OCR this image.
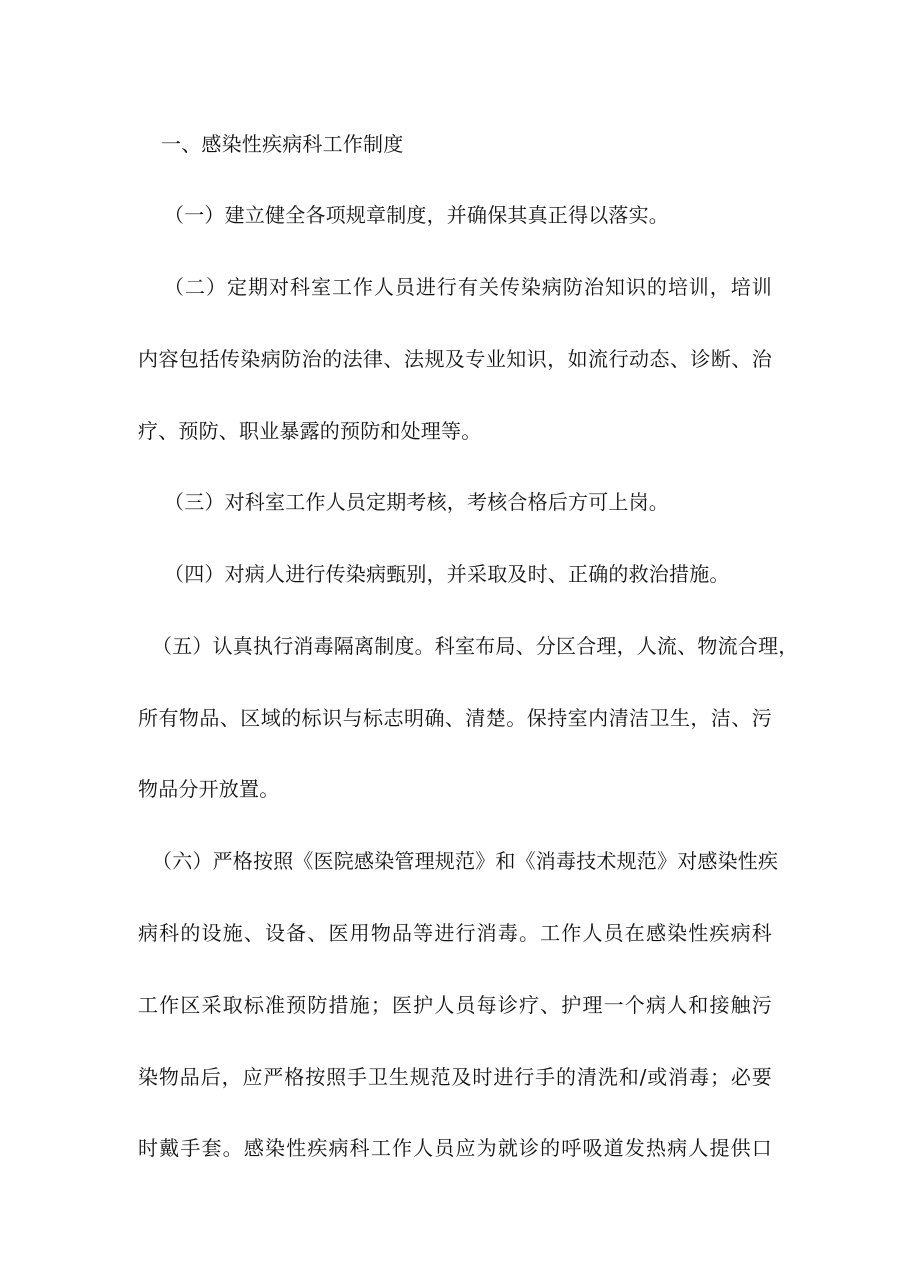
一、感染性疾病科工作制度
（一）建立健全各项规章制度，并确保其真正得以落实。
（二）定期对科室工作人员进行有关传染病防治知识的培训，培训
内容包括传染病防治的法律、法规及专业知识，如流行动态、诊断、治
疗、预防、职业暴露的预防和处理等。
（三）对科室工作人员定期考核，考核合格后方可上岗。
（四）对病人进行传染病甄别，并采取及时、正确的救治措施。
（五）认真执行消毒隔离制度。科室布局、分区合理，人流、物流合理，
所有物品、区域的标识与标志明确、清楚。保持室内清洁卫生，洁、污
物品分开放置。
（六）严格按照《医院感染管理规范》和《消毒技术规范》对感染性疾
病科的设施、设备、医用物品等进行消毒。工作人员在感染性疾病科
工作区采取标准预防措施；医护人员每诊疗、护理一个病人和接触污
染物品后，应严格按照手卫生规范及时进行手的清洗和/或消毒；必要
时戴手套。感染性疾病科工作人员应为就诊的呼吸道发热病人提供口
